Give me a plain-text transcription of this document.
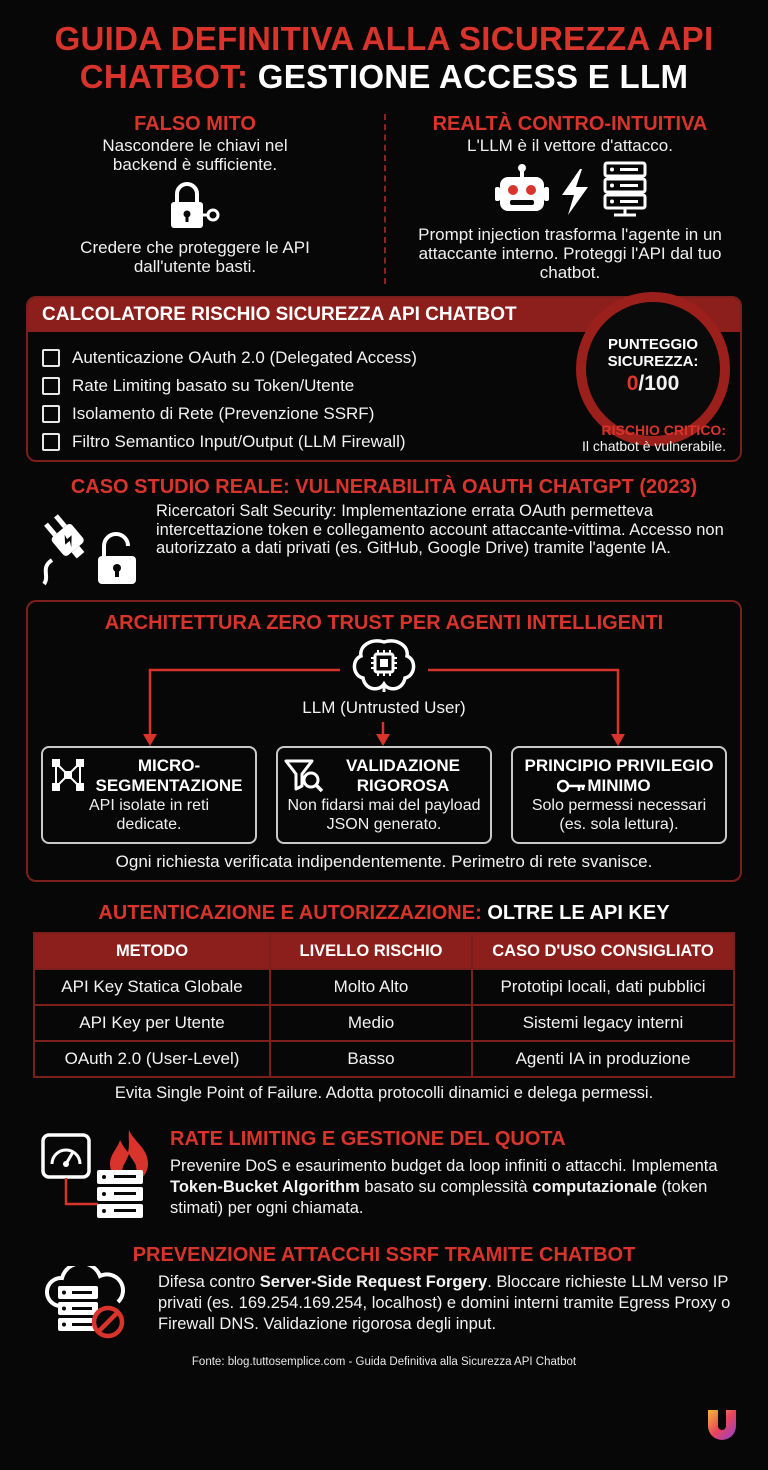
GUIDA DEFINITIVA ALLA SICUREZZA API
CHATBOT: GESTIONE ACCESS E LLM
FALSO MITO

Nascondere le chiavi nel backend è sufficiente.

Credere che proteggere le API dall'utente basti.

REALTÀ CONTRO-INTUITIVA

L'LLM è il vettore d'attacco.

Prompt injection trasforma l'agente in un attaccante interno. Proteggi l'API dal tuo chatbot.

CALCOLATORE RISCHIO SICUREZZA API CHATBOT
Autenticazione OAuth 2.0 (Delegated Access)
Rate Limiting basato su Token/Utente
Isolamento di Rete (Prevenzione SSRF)
Filtro Semantico Input/Output (LLM Firewall)
PUNTEGGIO SICUREZZA:
0/100
RISCHIO CRITICO:
Il chatbot è vulnerabile.
CASO STUDIO REALE: VULNERABILITÀ OAUTH CHATGPT (2023)
Ricercatori Salt Security: Implementazione errata OAuth permetteva intercettazione token e collegamento account attaccante-vittima. Accesso non autorizzato a dati privati (es. GitHub, Google Drive) tramite l'agente IA.
ARCHITETTURA ZERO TRUST PER AGENTI INTELLIGENTI
LLM (Untrusted User)
MICRO-SEGMENTAZIONE
API isolate in reti dedicate.
VALIDAZIONE RIGOROSA
Non fidarsi mai del payload JSON generato.
PRINCIPIO PRIVILEGIO MINIMO
Solo permessi necessari (es. sola lettura).
Ogni richiesta verificata indipendentemente. Perimetro di rete svanisce.
AUTENTICAZIONE E AUTORIZZAZIONE: OLTRE LE API KEY
METODO	LIVELLO RISCHIO	CASO D'USO CONSIGLIATO
API Key Statica Globale	Molto Alto	Prototipi locali, dati pubblici
API Key per Utente	Medio	Sistemi legacy interni
OAuth 2.0 (User-Level)	Basso	Agenti IA in produzione
Evita Single Point of Failure. Adotta protocolli dinamici e delega permessi.
RATE LIMITING E GESTIONE DEL QUOTA
Prevenire DoS e esaurimento budget da loop infiniti o attacchi. Implementa Token-Bucket Algorithm basato su complessità computazionale (token stimati) per ogni chiamata.
PREVENZIONE ATTACCHI SSRF TRAMITE CHATBOT
Difesa contro Server-Side Request Forgery. Bloccare richieste LLM verso IP privati (es. 169.254.169.254, localhost) e domini interni tramite Egress Proxy o Firewall DNS. Validazione rigorosa degli input.
Fonte: blog.tuttosemplice.com - Guida Definitiva alla Sicurezza API Chatbot
